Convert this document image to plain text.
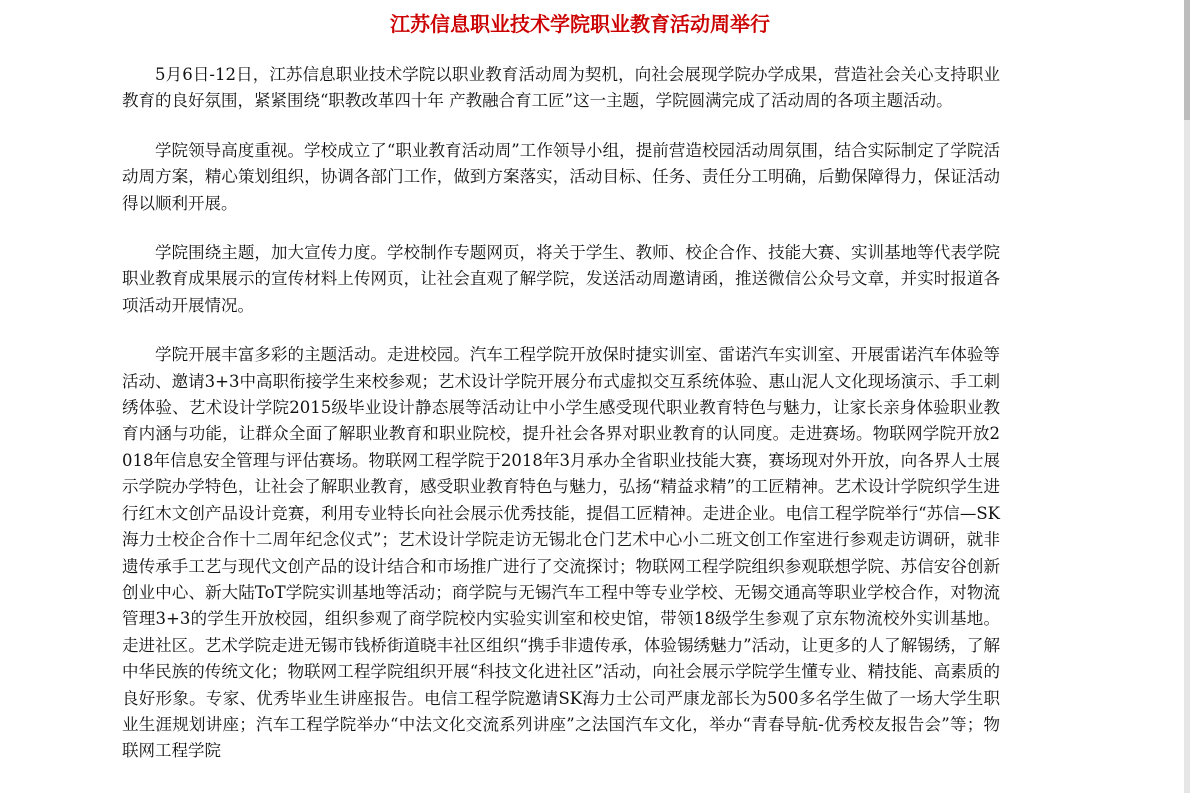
江苏信息职业技术学院职业教育活动周举行

5月6日-12日，江苏信息职业技术学院以职业教育活动周为契机，向社会展现学院办学成果，营造社会关心支持职业教育的良好氛围，紧紧围绕“职教改革四十年 产教融合育工匠”这一主题，学院圆满完成了活动周的各项主题活动。

学院领导高度重视。学校成立了“职业教育活动周”工作领导小组，提前营造校园活动周氛围，结合实际制定了学院活动周方案，精心策划组织，协调各部门工作，做到方案落实，活动目标、任务、责任分工明确，后勤保障得力，保证活动得以顺利开展。

学院围绕主题，加大宣传力度。学校制作专题网页，将关于学生、教师、校企合作、技能大赛、实训基地等代表学院职业教育成果展示的宣传材料上传网页，让社会直观了解学院，发送活动周邀请函，推送微信公众号文章，并实时报道各项活动开展情况。

学院开展丰富多彩的主题活动。走进校园。汽车工程学院开放保时捷实训室、雷诺汽车实训室、开展雷诺汽车体验等活动、邀请3+3中高职衔接学生来校参观；艺术设计学院开展分布式虚拟交互系统体验、惠山泥人文化现场演示、手工刺绣体验、艺术设计学院2015级毕业设计静态展等活动让中小学生感受现代职业教育特色与魅力，让家长亲身体验职业教育内涵与功能，让群众全面了解职业教育和职业院校，提升社会各界对职业教育的认同度。走进赛场。物联网学院开放2018年信息安全管理与评估赛场。物联网工程学院于2018年3月承办全省职业技能大赛，赛场现对外开放，向各界人士展示学院办学特色，让社会了解职业教育，感受职业教育特色与魅力，弘扬“精益求精”的工匠精神。艺术设计学院织学生进行红木文创产品设计竞赛，利用专业特长向社会展示优秀技能，提倡工匠精神。走进企业。电信工程学院举行“苏信—SK海力士校企合作十二周年纪念仪式”；艺术设计学院走访无锡北仓门艺术中心小二班文创工作室进行参观走访调研，就非遗传承手工艺与现代文创产品的设计结合和市场推广进行了交流探讨；物联网工程学院组织参观联想学院、苏信安谷创新创业中心、新大陆ToT学院实训基地等活动；商学院与无锡汽车工程中等专业学校、无锡交通高等职业学校合作，对物流管理3+3的学生开放校园，组织参观了商学院校内实验实训室和校史馆，带领18级学生参观了京东物流校外实训基地。走进社区。艺术学院走进无锡市钱桥街道晓丰社区组织“携手非遗传承，体验锡绣魅力”活动，让更多的人了解锡绣，了解中华民族的传统文化；物联网工程学院组织开展“科技文化进社区”活动，向社会展示学院学生懂专业、精技能、高素质的良好形象。专家、优秀毕业生讲座报告。电信工程学院邀请SK海力士公司严康龙部长为500多名学生做了一场大学生职业生涯规划讲座；汽车工程学院举办“中法文化交流系列讲座”之法国汽车文化，举办“青春导航-优秀校友报告会”等；物联网工程学院
